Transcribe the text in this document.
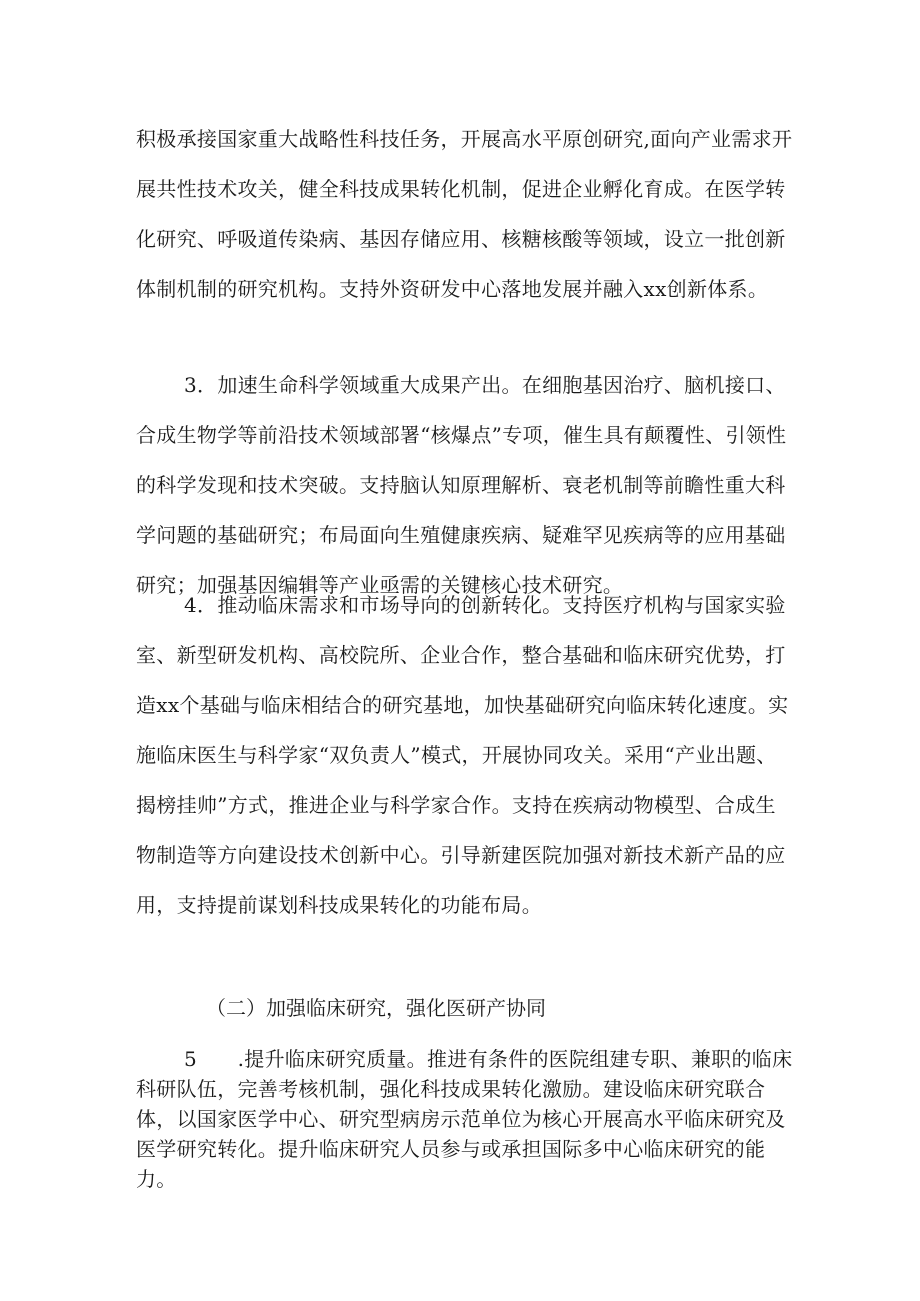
积极承接国家重大战略性科技任务，开展高水平原创研究,面向产业需求开展共性技术攻关，健全科技成果转化机制，促进企业孵化育成。在医学转化研究、呼吸道传染病、基因存储应用、核糖核酸等领域，设立一批创新体制机制的研究机构。支持外资研发中心落地发展并融入xx创新体系。

3．加速生命科学领域重大成果产出。在细胞基因治疗、脑机接口、合成生物学等前沿技术领域部署“核爆点”专项，催生具有颠覆性、引领性的科学发现和技术突破。支持脑认知原理解析、衰老机制等前瞻性重大科学问题的基础研究；布局面向生殖健康疾病、疑难罕见疾病等的应用基础研究；加强基因编辑等产业亟需的关键核心技术研究。

4．推动临床需求和市场导向的创新转化。支持医疗机构与国家实验室、新型研发机构、高校院所、企业合作，整合基础和临床研究优势，打造xx个基础与临床相结合的研究基地，加快基础研究向临床转化速度。实施临床医生与科学家“双负责人”模式，开展协同攻关。采用“产业出题、揭榜挂帅”方式，推进企业与科学家合作。支持在疾病动物模型、合成生物制造等方向建设技术创新中心。引导新建医院加强对新技术新产品的应用，支持提前谋划科技成果转化的功能布局。

（二）加强临床研究，强化医研产协同

5　　.提升临床研究质量。推进有条件的医院组建专职、兼职的临床科研队伍，完善考核机制，强化科技成果转化激励。建设临床研究联合体，以国家医学中心、研究型病房示范单位为核心开展高水平临床研究及医学研究转化。提升临床研究人员参与或承担国际多中心临床研究的能力。
